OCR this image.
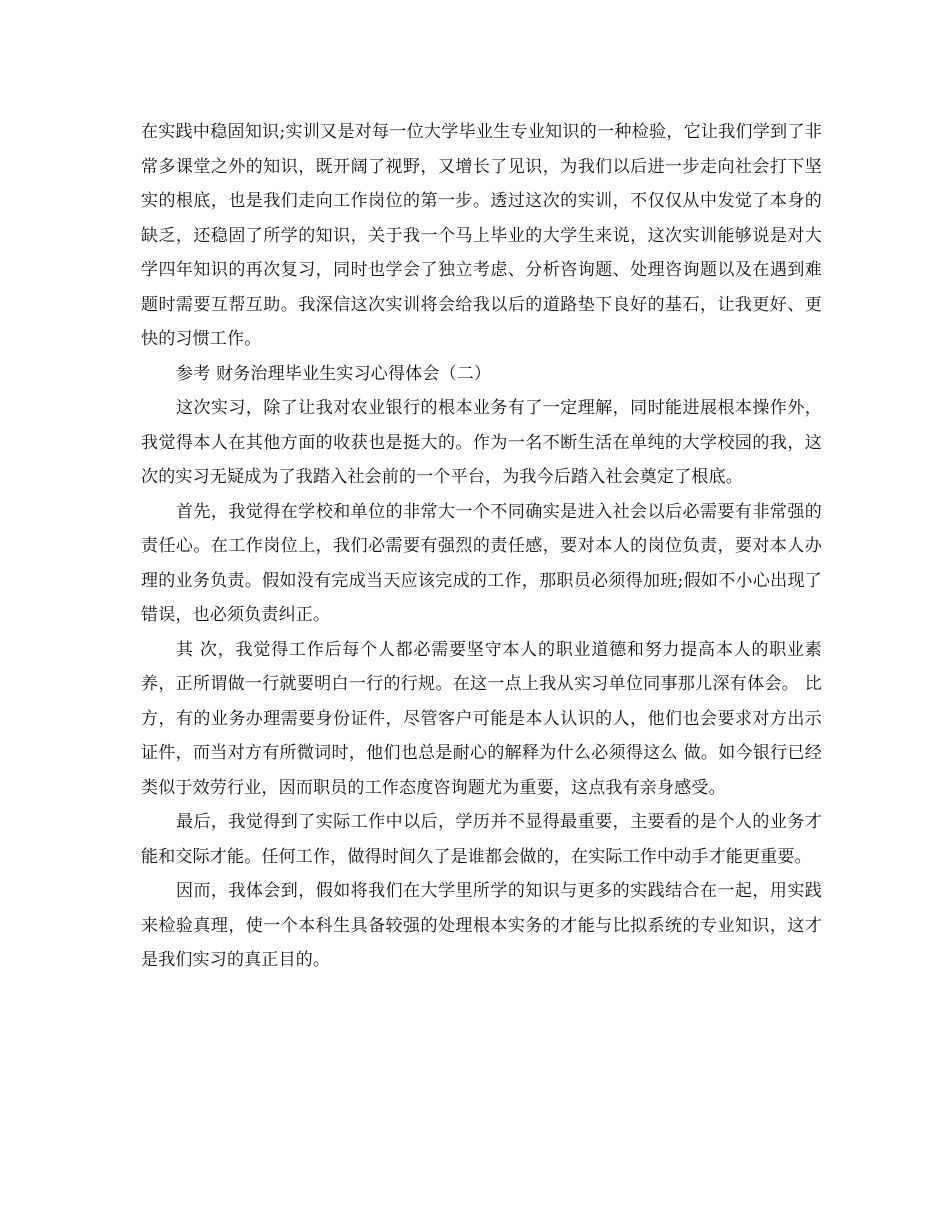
在实践中稳固知识;实训又是对每一位大学毕业生专业知识的一种检验，它让我们学到了非常多课堂之外的知识，既开阔了视野，又增长了见识，为我们以后进一步走向社会打下坚实的根底，也是我们走向工作岗位的第一步。透过这次的实训，不仅仅从中发觉了本身的缺乏，还稳固了所学的知识，关于我一个马上毕业的大学生来说，这次实训能够说是对大学四年知识的再次复习，同时也学会了独立考虑、分析咨询题、处理咨询题以及在遇到难题时需要互帮互助。我深信这次实训将会给我以后的道路垫下良好的基石，让我更好、更快的习惯工作。

参考 财务治理毕业生实习心得体会（二）

这次实习，除了让我对农业银行的根本业务有了一定理解，同时能进展根本操作外，我觉得本人在其他方面的收获也是挺大的。作为一名不断生活在单纯的大学校园的我，这次的实习无疑成为了我踏入社会前的一个平台，为我今后踏入社会奠定了根底。

首先，我觉得在学校和单位的非常大一个不同确实是进入社会以后必需要有非常强的责任心。在工作岗位上，我们必需要有强烈的责任感，要对本人的岗位负责，要对本人办理的业务负责。假如没有完成当天应该完成的工作，那职员必须得加班;假如不小心出现了错误，也必须负责纠正。

其 次，我觉得工作后每个人都必需要坚守本人的职业道德和努力提高本人的职业素养，正所谓做一行就要明白一行的行规。在这一点上我从实习单位同事那儿深有体会。 比方，有的业务办理需要身份证件，尽管客户可能是本人认识的人，他们也会要求对方出示证件，而当对方有所微词时，他们也总是耐心的解释为什么必须得这么 做。如今银行已经类似于效劳行业，因而职员的工作态度咨询题尤为重要，这点我有亲身感受。

最后，我觉得到了实际工作中以后，学历并不显得最重要，主要看的是个人的业务才能和交际才能。任何工作，做得时间久了是谁都会做的，在实际工作中动手才能更重要。

因而，我体会到，假如将我们在大学里所学的知识与更多的实践结合在一起，用实践来检验真理，使一个本科生具备较强的处理根本实务的才能与比拟系统的专业知识，这才是我们实习的真正目的。
